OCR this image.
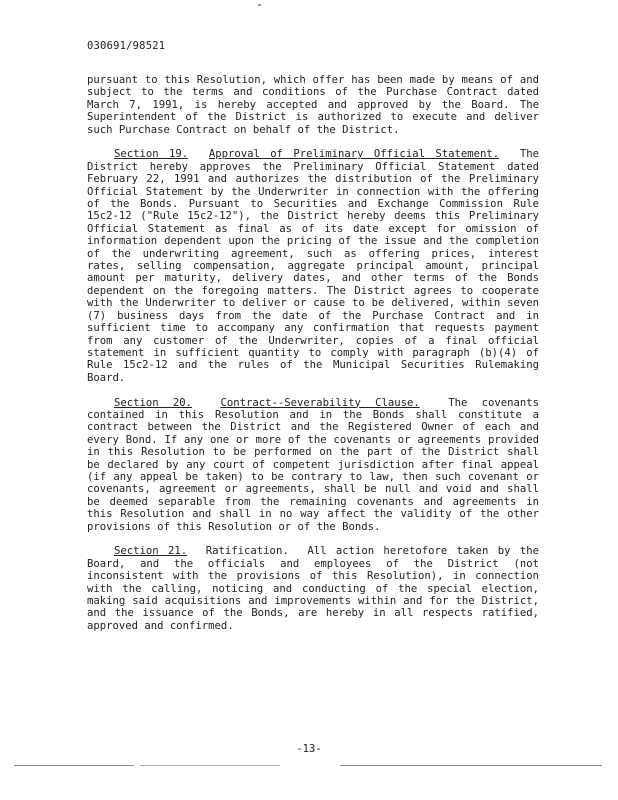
030691/98521

pursuant to this Resolution, which offer has been made by means of and subject to the terms and conditions of the Purchase Contract dated March 7, 1991, is hereby accepted and approved by the Board. The Superintendent of the District is authorized to execute and deliver such Purchase Contract on behalf of the District.

Section 19. Approval of Preliminary Official Statement. The District hereby approves the Preliminary Official Statement dated February 22, 1991 and authorizes the distribution of the Preliminary Official Statement by the Underwriter in connection with the offering of the Bonds. Pursuant to Securities and Exchange Commission Rule 15c2-12 ("Rule 15c2-12"), the District hereby deems this Preliminary Official Statement as final as of its date except for omission of information dependent upon the pricing of the issue and the completion of the underwriting agreement, such as offering prices, interest rates, selling compensation, aggregate principal amount, principal amount per maturity, delivery dates, and other terms of the Bonds dependent on the foregoing matters. The District agrees to cooperate with the Underwriter to deliver or cause to be delivered, within seven (7) business days from the date of the Purchase Contract and in sufficient time to accompany any confirmation that requests payment from any customer of the Underwriter, copies of a final official statement in sufficient quantity to comply with paragraph (b)(4) of Rule 15c2-12 and the rules of the Municipal Securities Rulemaking Board.

Section 20.	Contract--Severability Clause.	The covenants contained in this Resolution and in the Bonds shall constitute a contract between the District and the Registered Owner of each and every Bond. If any one or more of the covenants or agreements provided in this Resolution to be performed on the part of the District shall be declared by any court of competent jurisdiction after final appeal (if any appeal be taken) to be contrary to law, then such covenant or covenants, agreement or agreements, shall be null and void and shall be deemed separable from the remaining covenants and agreements in this Resolution and shall in no way affect the validity of the other provisions of this Resolution or of the Bonds.

Section 21. Ratification. All action heretofore taken by the Board, and the officials and employees of the District (not inconsistent with the provisions of this Resolution), in connection with the calling, noticing and conducting of the special election, making said acquisitions and improvements within and for the District, and the issuance of the Bonds, are hereby in all respects ratified, approved and confirmed.

-13-
